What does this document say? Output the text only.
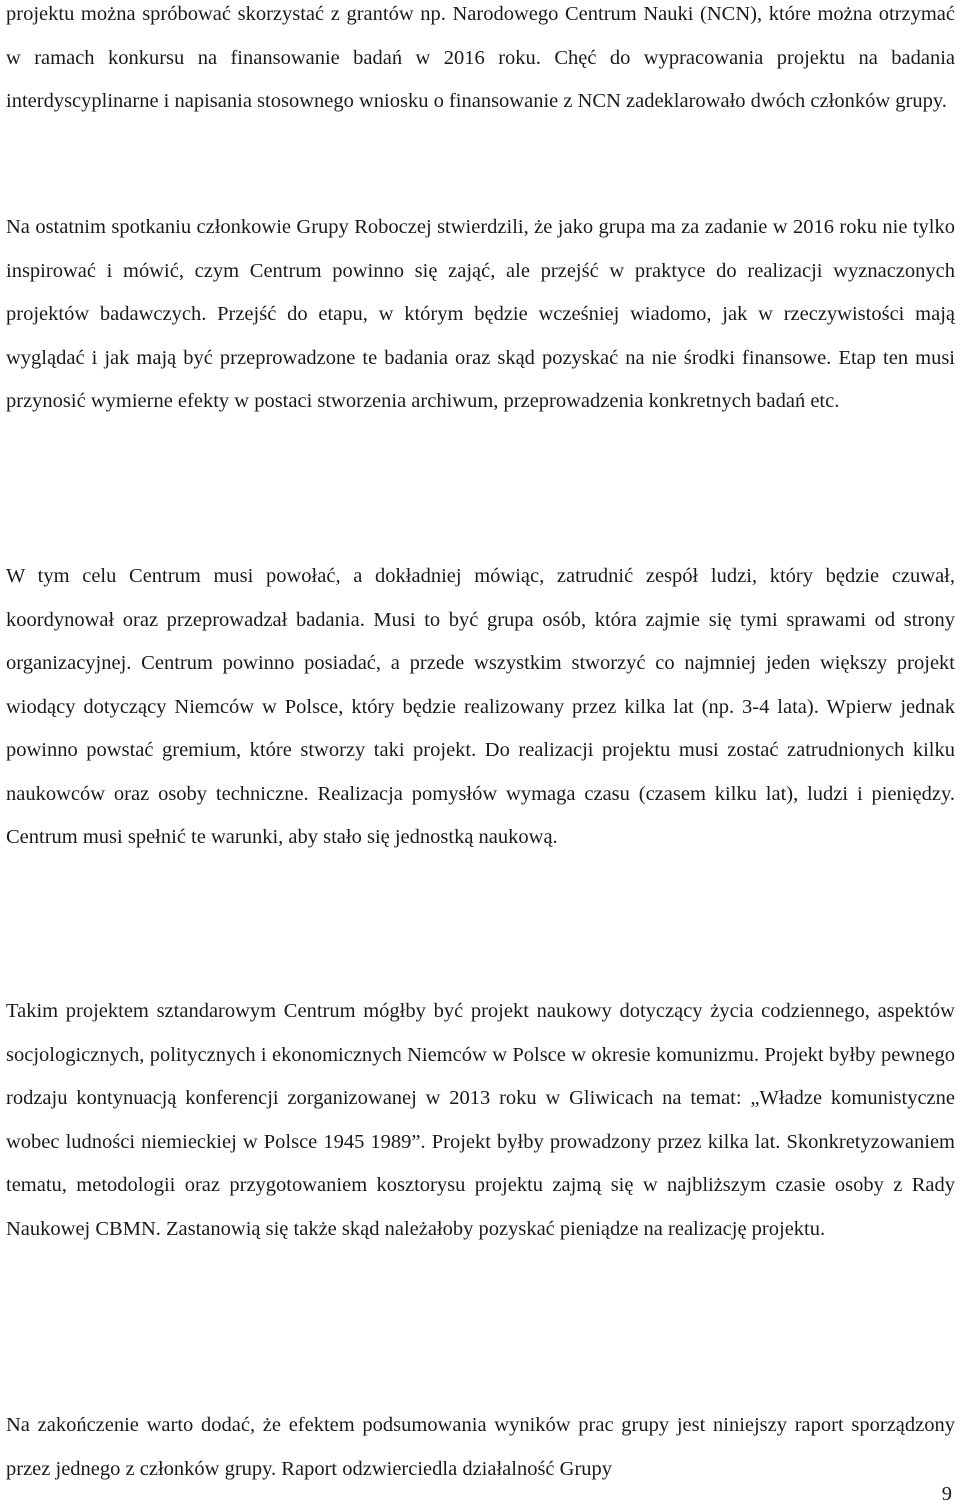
projektu można spróbować skorzystać z grantów np. Narodowego Centrum Nauki (NCN), które można otrzymać w ramach konkursu na finansowanie badań w 2016 roku. Chęć do wypracowania projektu na badania interdyscyplinarne i napisania stosownego wniosku o finansowanie z NCN zadeklarowało dwóch członków grupy.

Na ostatnim spotkaniu członkowie Grupy Roboczej stwierdzili, że jako grupa ma za zadanie w 2016 roku nie tylko inspirować i mówić, czym Centrum powinno się zająć, ale przejść w praktyce do realizacji wyznaczonych projektów badawczych. Przejść do etapu, w którym będzie wcześniej wiadomo, jak w rzeczywistości mają wyglądać i jak mają być przeprowadzone te badania oraz skąd pozyskać na nie środki finansowe. Etap ten musi przynosić wymierne efekty w postaci stworzenia archiwum, przeprowadzenia konkretnych badań etc.

W tym celu Centrum musi powołać, a dokładniej mówiąc, zatrudnić zespół ludzi, który będzie czuwał, koordynował oraz przeprowadzał badania. Musi to być grupa osób, która zajmie się tymi sprawami od strony organizacyjnej. Centrum powinno posiadać, a przede wszystkim stworzyć co najmniej jeden większy projekt wiodący dotyczący Niemców w Polsce, który będzie realizowany przez kilka lat (np. 3-4 lata). Wpierw jednak powinno powstać gremium, które stworzy taki projekt. Do realizacji projektu musi zostać zatrudnionych kilku naukowców oraz osoby techniczne. Realizacja pomysłów wymaga czasu (czasem kilku lat), ludzi i pieniędzy. Centrum musi spełnić te warunki, aby stało się jednostką naukową.

Takim projektem sztandarowym Centrum mógłby być projekt naukowy dotyczący życia codziennego, aspektów socjologicznych, politycznych i ekonomicznych Niemców w Polsce w okresie komunizmu. Projekt byłby pewnego rodzaju kontynuacją konferencji zorganizowanej w 2013 roku w Gliwicach na temat: „Władze komunistyczne wobec ludności niemieckiej w Polsce 1945 1989”. Projekt byłby prowadzony przez kilka lat. Skonkretyzowaniem tematu, metodologii oraz przygotowaniem kosztorysu projektu zajmą się w najbliższym czasie osoby z Rady Naukowej CBMN. Zastanowią się także skąd należałoby pozyskać pieniądze na realizację projektu.

Na zakończenie warto dodać, że efektem podsumowania wyników prac grupy jest niniejszy raport sporządzony przez jednego z członków grupy. Raport odzwierciedla działalność Grupy

9
